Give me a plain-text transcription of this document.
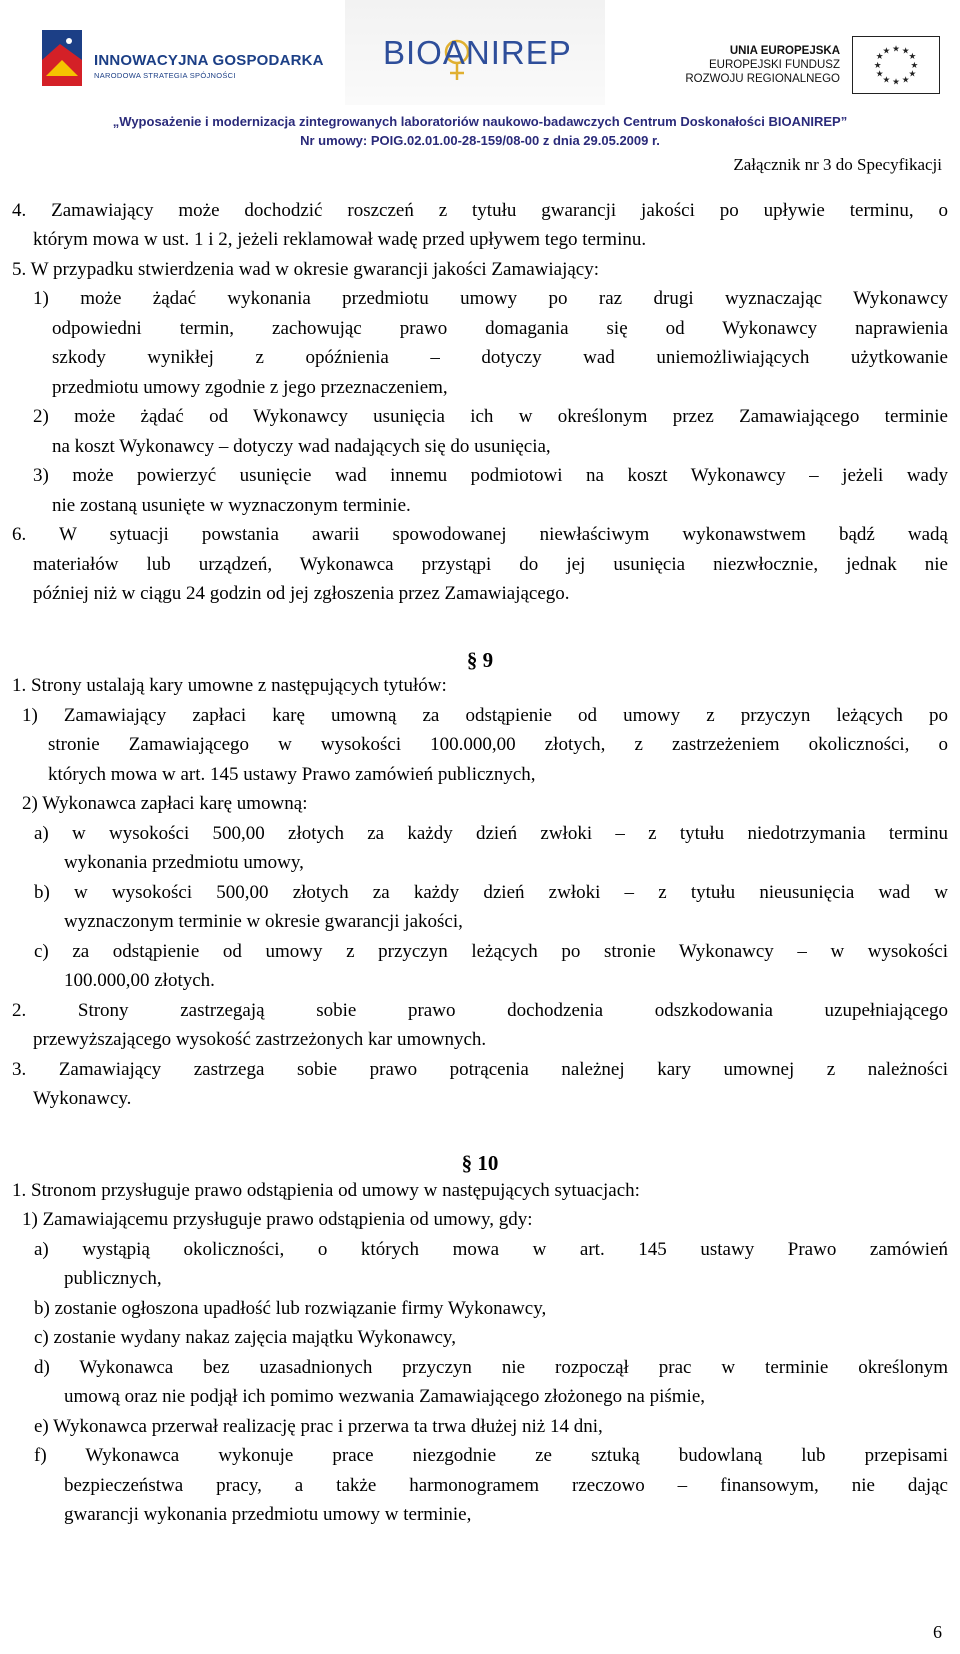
INNOWACYJNA GOSPODARKA
NARODOWA STRATEGIA SPÓJNOŚCI
BIOANIREP	UNIA EUROPEJSKA
EUROPEJSKI FUNDUSZ
ROZWOJU REGIONALNEGO
★ ★
★
★
★
★
★
★
★
★
★
★
„Wyposażenie i modernizacja zintegrowanych laboratoriów naukowo-badawczych Centrum Doskonałości BIOANIREP”
Nr umowy: POIG.02.01.00-28-159/08-00 z dnia 29.05.2009 r.
Załącznik nr 3 do Specyfikacji
4. Zamawiający może dochodzić roszczeń z tytułu gwarancji jakości po upływie terminu, o
którym mowa w ust. 1 i 2, jeżeli reklamował wadę przed upływem tego terminu.
5. W przypadku stwierdzenia wad w okresie gwarancji jakości Zamawiający:
1) może żądać wykonania przedmiotu umowy po raz drugi wyznaczając Wykonawcy
odpowiedni termin, zachowując prawo domagania się od Wykonawcy naprawienia
szkody wynikłej z opóźnienia – dotyczy wad uniemożliwiających użytkowanie
przedmiotu umowy zgodnie z jego przeznaczeniem,
2) może żądać od Wykonawcy usunięcia ich w określonym przez Zamawiającego terminie
na koszt Wykonawcy – dotyczy wad nadających się do usunięcia,
3) może powierzyć usunięcie wad innemu podmiotowi na koszt Wykonawcy – jeżeli wady
nie zostaną usunięte w wyznaczonym terminie.
6. W sytuacji powstania awarii spowodowanej niewłaściwym wykonawstwem bądź wadą
materiałów lub urządzeń, Wykonawca przystąpi do jej usunięcia niezwłocznie, jednak nie
później niż w ciągu 24 godzin od jej zgłoszenia przez Zamawiającego.
§ 9
1. Strony ustalają kary umowne z następujących tytułów:
1) Zamawiający zapłaci karę umowną za odstąpienie od umowy z przyczyn leżących po
stronie Zamawiającego w wysokości 100.000,00 złotych, z zastrzeżeniem okoliczności, o
których mowa w art. 145 ustawy Prawo zamówień publicznych,
2) Wykonawca zapłaci karę umowną:
a) w wysokości 500,00 złotych za każdy dzień zwłoki – z tytułu niedotrzymania terminu
wykonania przedmiotu umowy,
b) w wysokości 500,00 złotych za każdy dzień zwłoki – z tytułu nieusunięcia wad w
wyznaczonym terminie w okresie gwarancji jakości,
c) za odstąpienie od umowy z przyczyn leżących po stronie Wykonawcy – w wysokości
100.000,00 złotych.
2. Strony zastrzegają sobie prawo dochodzenia odszkodowania uzupełniającego
przewyższającego wysokość zastrzeżonych kar umownych.
3. Zamawiający zastrzega sobie prawo potrącenia należnej kary umownej z należności
Wykonawcy.
§ 10
1. Stronom przysługuje prawo odstąpienia od umowy w następujących sytuacjach:
1) Zamawiającemu przysługuje prawo odstąpienia od umowy, gdy:
a) wystąpią okoliczności, o których mowa w art. 145 ustawy Prawo zamówień
publicznych,
b) zostanie ogłoszona upadłość lub rozwiązanie firmy Wykonawcy,
c) zostanie wydany nakaz zajęcia majątku Wykonawcy,
d) Wykonawca bez uzasadnionych przyczyn nie rozpoczął prac w terminie określonym
umową oraz nie podjął ich pomimo wezwania Zamawiającego złożonego na piśmie,
e) Wykonawca przerwał realizację prac i przerwa ta trwa dłużej niż 14 dni,
f) Wykonawca wykonuje prace niezgodnie ze sztuką budowlaną lub przepisami
bezpieczeństwa pracy, a także harmonogramem rzeczowo – finansowym, nie dając
gwarancji wykonania przedmiotu umowy w terminie,
6
